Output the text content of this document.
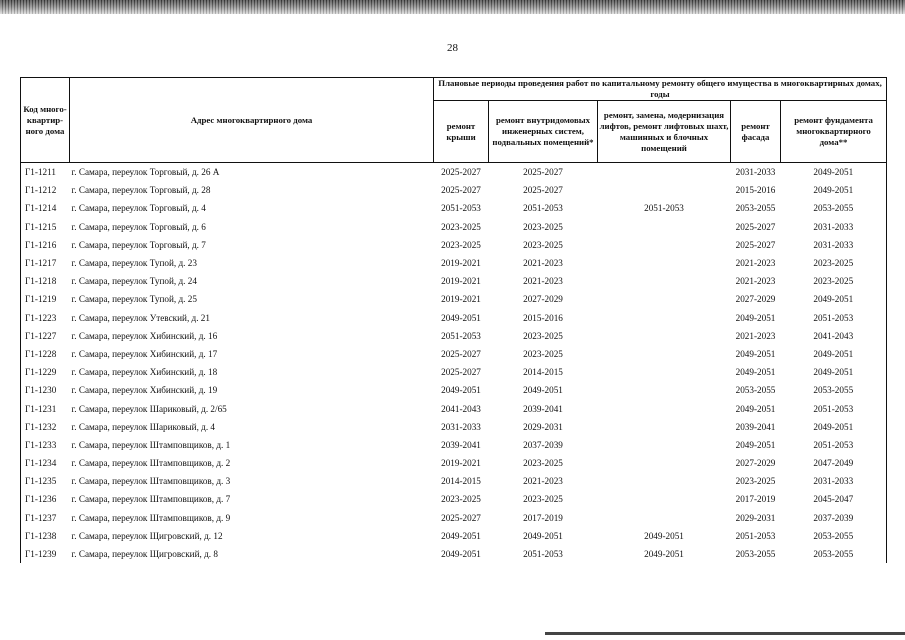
28
Код много-квартир-ного дома	Адрес многоквартирного дома	Плановые периоды проведения работ по капитальному ремонту общего имущества в многоквартирных домах, годы				
		ремонт крыши	ремонт внутридомовых инженерных систем, подвальных помещений*	ремонт, замена, модернизация лифтов, ремонт лифтовых шахт, машинных и блочных помещений	ремонт фасада	ремонт фундамента многоквартирного дома**
Г1-1211	г. Самара, переулок Торговый, д. 26 А	2025-2027	2025-2027		2031-2033	2049-2051
Г1-1212	г. Самара, переулок Торговый, д. 28	2025-2027	2025-2027		2015-2016	2049-2051
Г1-1214	г. Самара, переулок Торговый, д. 4	2051-2053	2051-2053	2051-2053	2053-2055	2053-2055
Г1-1215	г. Самара, переулок Торговый, д. 6	2023-2025	2023-2025		2025-2027	2031-2033
Г1-1216	г. Самара, переулок Торговый, д. 7	2023-2025	2023-2025		2025-2027	2031-2033
Г1-1217	г. Самара, переулок Тупой, д. 23	2019-2021	2021-2023		2021-2023	2023-2025
Г1-1218	г. Самара, переулок Тупой, д. 24	2019-2021	2021-2023		2021-2023	2023-2025
Г1-1219	г. Самара, переулок Тупой, д. 25	2019-2021	2027-2029		2027-2029	2049-2051
Г1-1223	г. Самара, переулок Утевский, д. 21	2049-2051	2015-2016		2049-2051	2051-2053
Г1-1227	г. Самара, переулок Хибинский, д. 16	2051-2053	2023-2025		2021-2023	2041-2043
Г1-1228	г. Самара, переулок Хибинский, д. 17	2025-2027	2023-2025		2049-2051	2049-2051
Г1-1229	г. Самара, переулок Хибинский, д. 18	2025-2027	2014-2015		2049-2051	2049-2051
Г1-1230	г. Самара, переулок Хибинский, д. 19	2049-2051	2049-2051		2053-2055	2053-2055
Г1-1231	г. Самара, переулок Шариковый, д. 2/65	2041-2043	2039-2041		2049-2051	2051-2053
Г1-1232	г. Самара, переулок Шариковый, д. 4	2031-2033	2029-2031		2039-2041	2049-2051
Г1-1233	г. Самара, переулок Штамповщиков, д. 1	2039-2041	2037-2039		2049-2051	2051-2053
Г1-1234	г. Самара, переулок Штамповщиков, д. 2	2019-2021	2023-2025		2027-2029	2047-2049
Г1-1235	г. Самара, переулок Штамповщиков, д. 3	2014-2015	2021-2023		2023-2025	2031-2033
Г1-1236	г. Самара, переулок Штамповщиков, д. 7	2023-2025	2023-2025		2017-2019	2045-2047
Г1-1237	г. Самара, переулок Штамповщиков, д. 9	2025-2027	2017-2019		2029-2031	2037-2039
Г1-1238	г. Самара, переулок Щигровский, д. 12	2049-2051	2049-2051	2049-2051	2051-2053	2053-2055
Г1-1239	г. Самара, переулок Щигровский, д. 8	2049-2051	2051-2053	2049-2051	2053-2055	2053-2055
